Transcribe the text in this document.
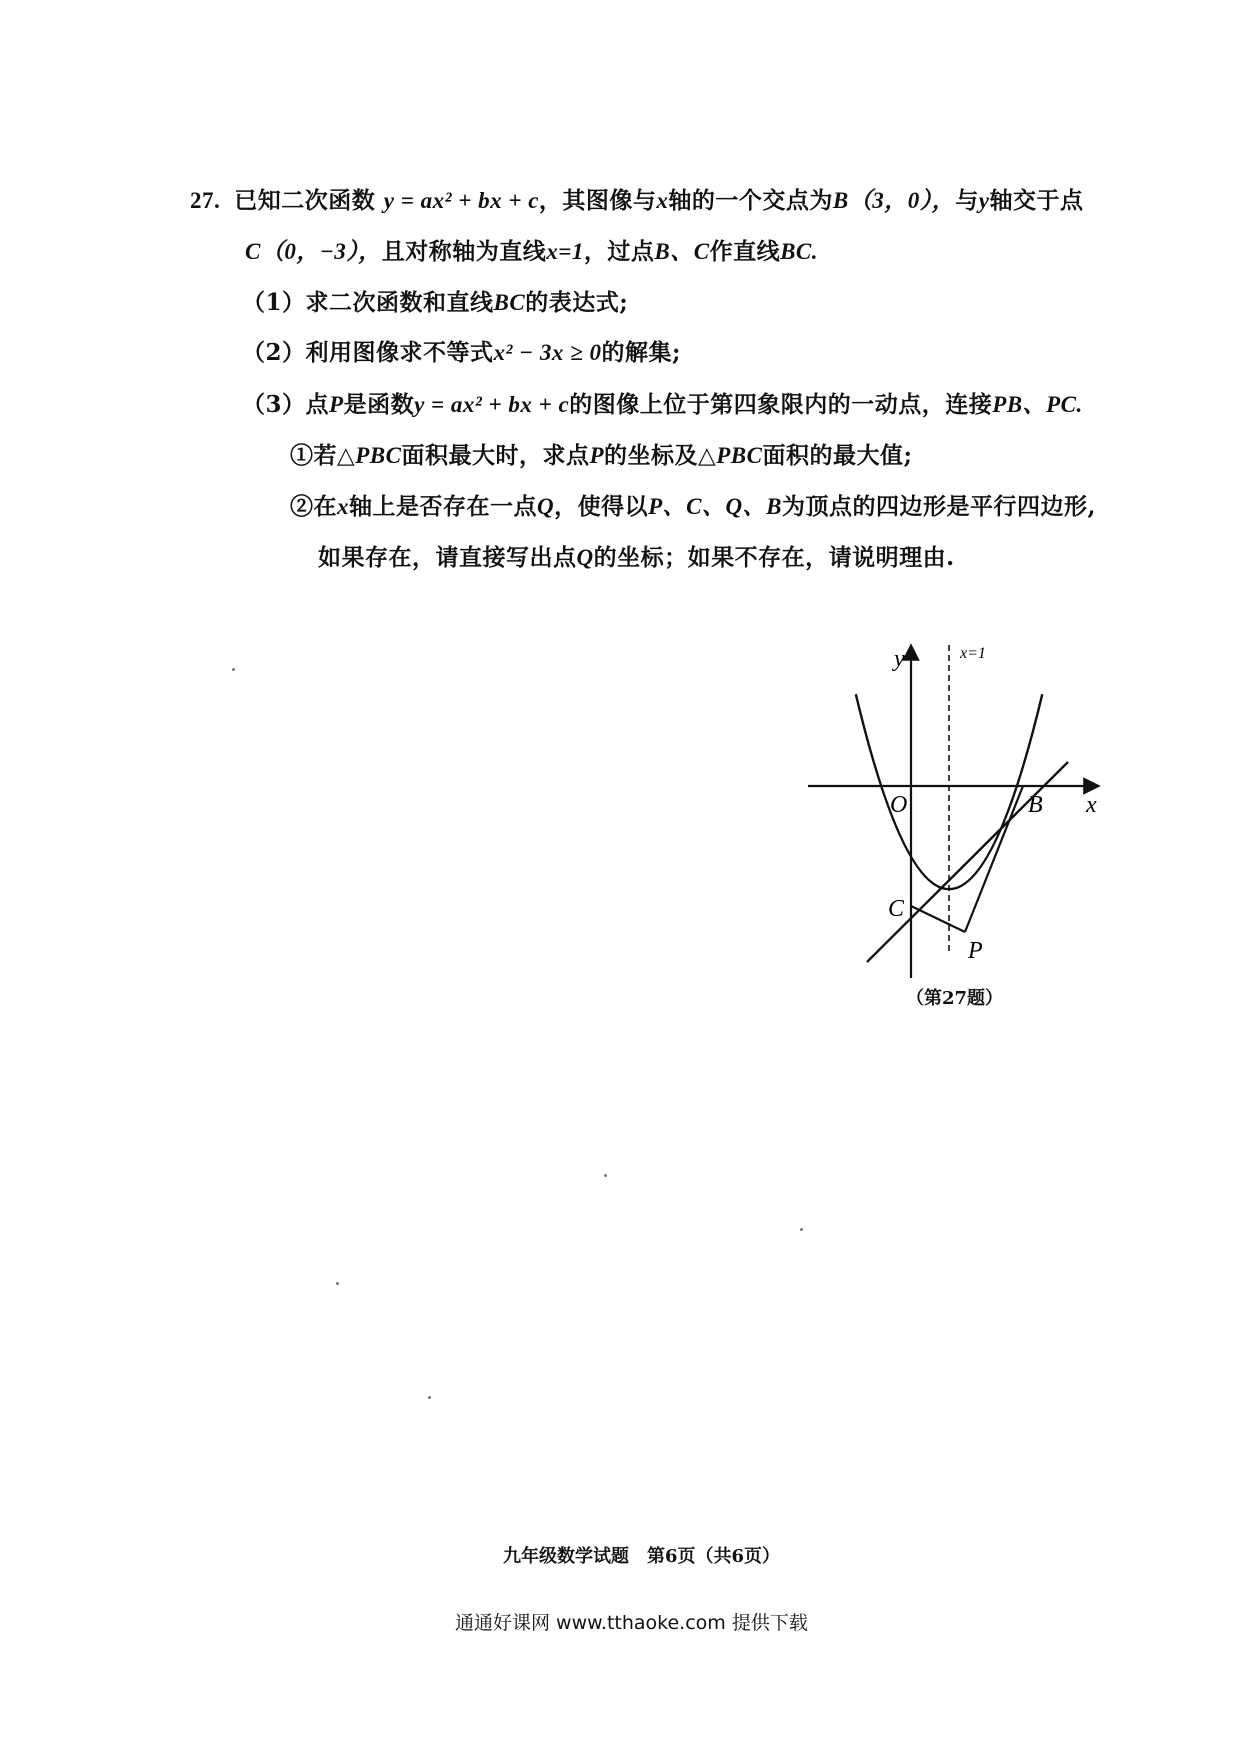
27. 已知二次函数 y = ax² + bx + c，其图像与x轴的一个交点为B（3，0），与y轴交于点
C（0，−3），且对称轴为直线x=1，过点B、C作直线BC.
（1）求二次函数和直线BC的表达式;
（2）利用图像求不等式x² − 3x ≥ 0的解集;
（3）点P是函数y = ax² + bx + c的图像上位于第四象限内的一动点，连接PB、PC.
①若△PBC面积最大时，求点P的坐标及△PBC面积的最大值;
②在x轴上是否存在一点Q，使得以P、C、Q、B为顶点的四边形是平行四边形,
如果存在，请直接写出点Q的坐标；如果不存在，请说明理由.
y	x=1
x
O	B
C
P
（第27题）
九年级数学试题　第6页（共6页）
通通好课网 www.tthaoke.com 提供下载
